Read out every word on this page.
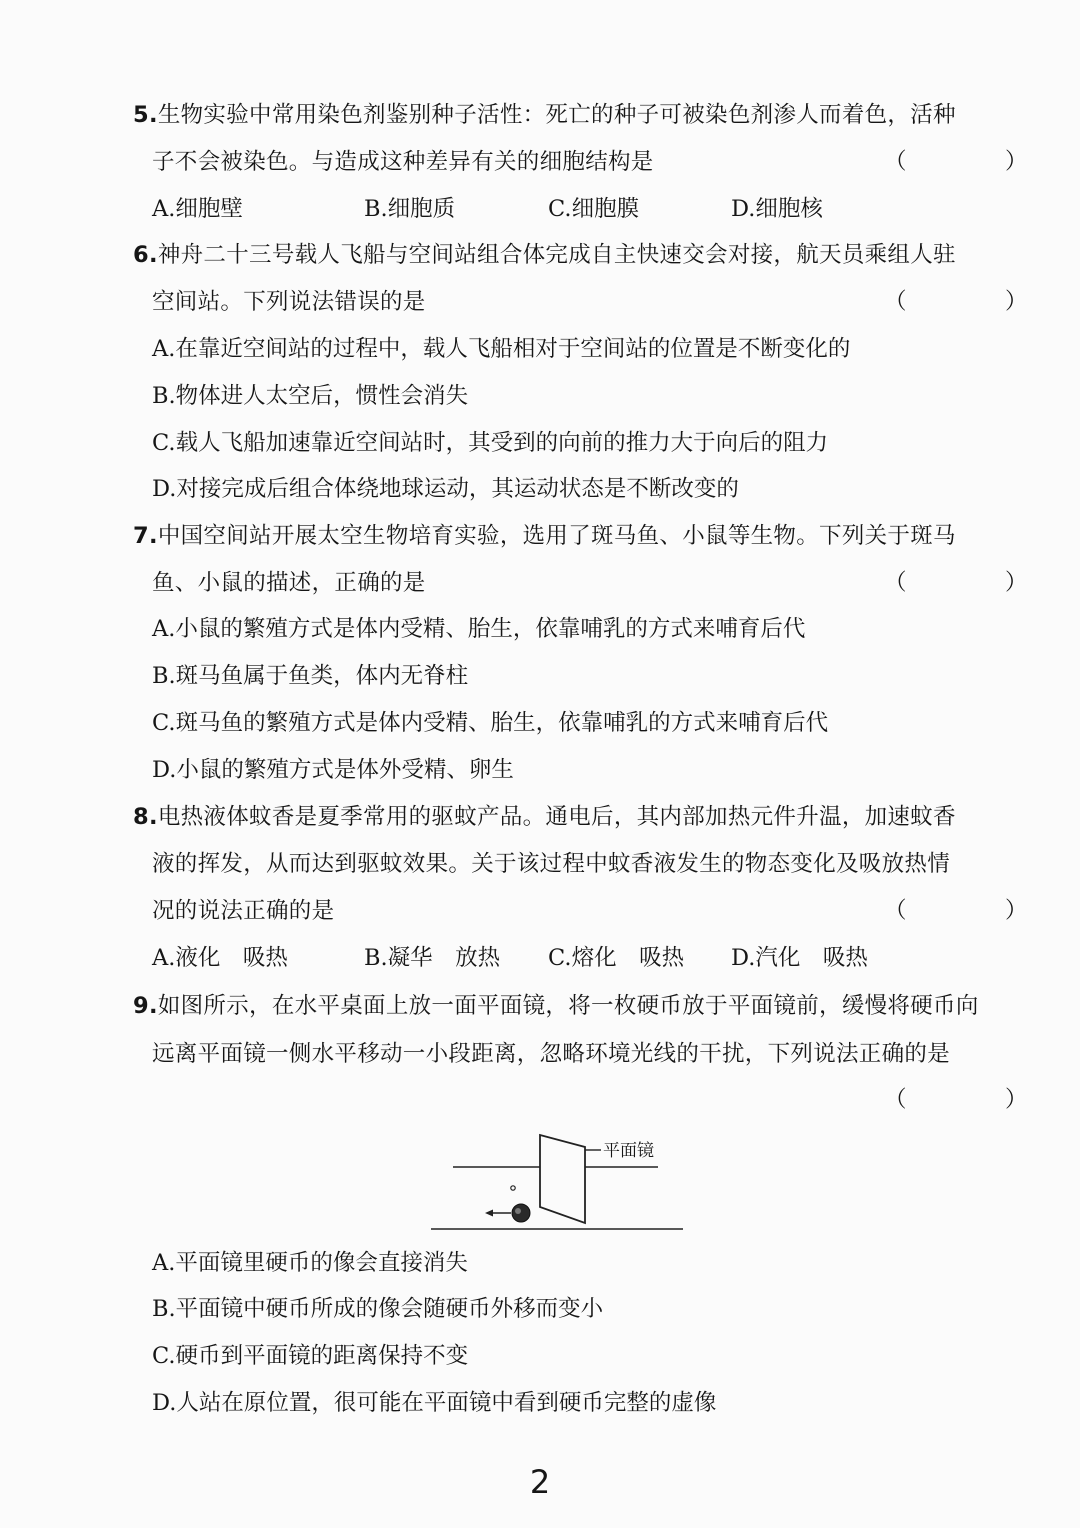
5.生物实验中常用染色剂鉴别种子活性：死亡的种子可被染色剂渗人而着色，活种
子不会被染色。与造成这种差异有关的细胞结构是	（　）
A.细胞壁	B.细胞质	C.细胞膜	D.细胞核
6.神舟二十三号载人飞船与空间站组合体完成自主快速交会对接，航天员乘组人驻
空间站。下列说法错误的是	（　）
A.在靠近空间站的过程中，载人飞船相对于空间站的位置是不断变化的
B.物体进人太空后，惯性会消失
C.载人飞船加速靠近空间站时，其受到的向前的推力大于向后的阻力
D.对接完成后组合体绕地球运动，其运动状态是不断改变的
7.中国空间站开展太空生物培育实验，选用了斑马鱼、小鼠等生物。下列关于斑马
鱼、小鼠的描述，正确的是	（　）
A.小鼠的繁殖方式是体内受精、胎生，依靠哺乳的方式来哺育后代
B.斑马鱼属于鱼类，体内无脊柱
C.斑马鱼的繁殖方式是体内受精、胎生，依靠哺乳的方式来哺育后代
D.小鼠的繁殖方式是体外受精、卵生
8.电热液体蚊香是夏季常用的驱蚊产品。通电后，其内部加热元件升温，加速蚊香
液的挥发，从而达到驱蚊效果。关于该过程中蚊香液发生的物态变化及吸放热情
况的说法正确的是	（　）
A.液化　吸热	B.凝华　放热 C.熔化　吸热 D.汽化　吸热
9.如图所示，在水平桌面上放一面平面镜，将一枚硬币放于平面镜前，缓慢将硬币向
远离平面镜一侧水平移动一小段距离，忽略环境光线的干扰，下列说法正确的是
（　）
平面镜
A.平面镜里硬币的像会直接消失
B.平面镜中硬币所成的像会随硬币外移而变小
C.硬币到平面镜的距离保持不变
D.人站在原位置，很可能在平面镜中看到硬币完整的虚像
2
